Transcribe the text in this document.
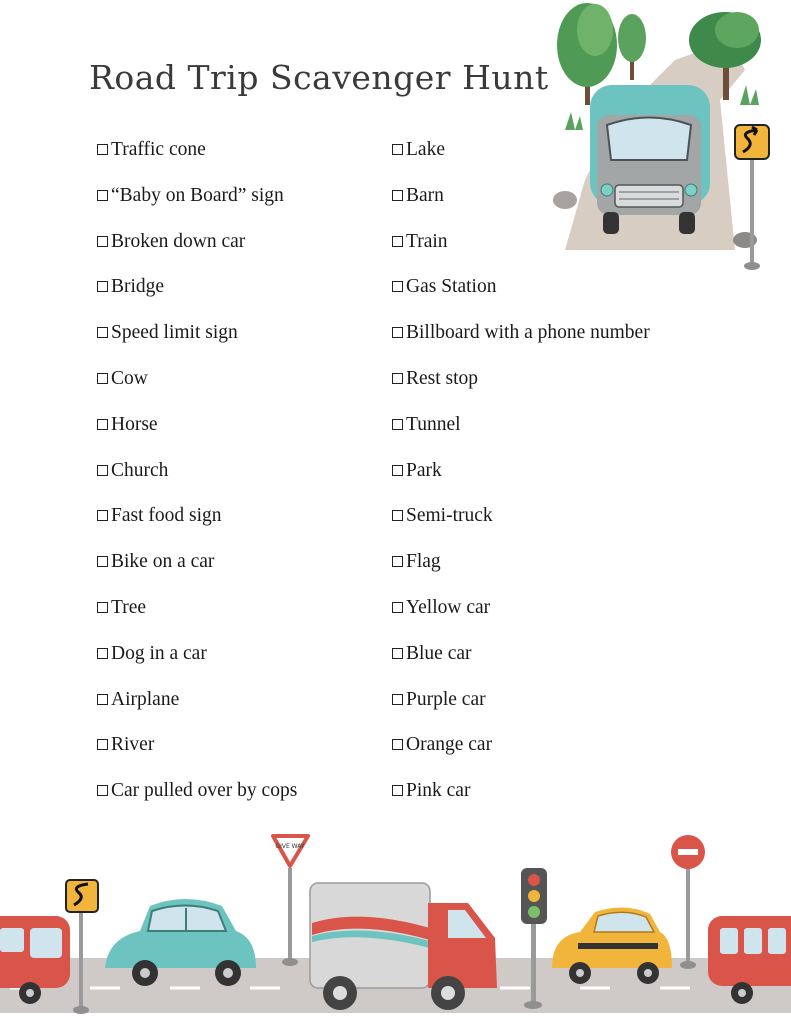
Road Trip Scavenger Hunt
Traffic cone
“Baby on Board” sign
Broken down car
Bridge
Speed limit sign
Cow
Horse
Church
Fast food sign
Bike on a car
Tree
Dog in a car
Airplane
River
Car pulled over by cops
Lake
Barn
Train
Gas Station
Billboard with a phone number
Rest stop
Tunnel
Park
Semi-truck
Flag
Yellow car
Blue car
Purple car
Orange car
Pink car
GIVE WAY
